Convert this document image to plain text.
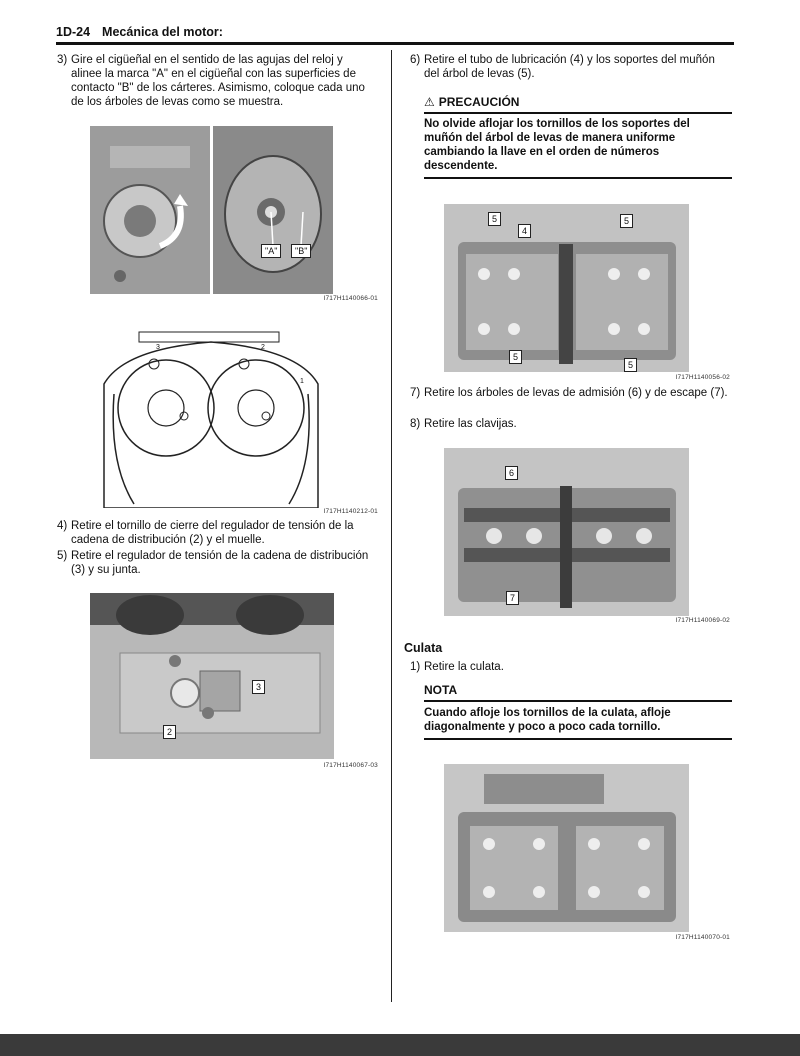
1D-24 Mecánica del motor:
3) Gire el cigüeñal en el sentido de las agujas del reloj y alinee la marca "A" en el cigüeñal con las superficies de contacto "B" de los cárteres. Asimismo, coloque cada uno de los árboles de levas como se muestra.
"A"	"B"
I717H1140066-01
3	2
1
I717H1140212-01
4) Retire el tornillo de cierre del regulador de tensión de la cadena de distribución (2) y el muelle.
5) Retire el regulador de tensión de la cadena de distribución (3) y su junta.
3
2
I717H1140067-03
6) Retire el tubo de lubricación (4) y los soportes del muñón del árbol de levas (5).
⚠ PRECAUCIÓN
No olvide aflojar los tornillos de los soportes del muñón del árbol de levas de manera uniforme cambiando la llave en el orden de números descendente.
5
4
5
5
5
I717H1140056-02
7) Retire los árboles de levas de admisión (6) y de escape (7).
8) Retire las clavijas.
6
7
I717H1140069-02
Culata
1) Retire la culata.
NOTA
Cuando afloje los tornillos de la culata, afloje diagonalmente y poco a poco cada tornillo.
I717H1140070-01
